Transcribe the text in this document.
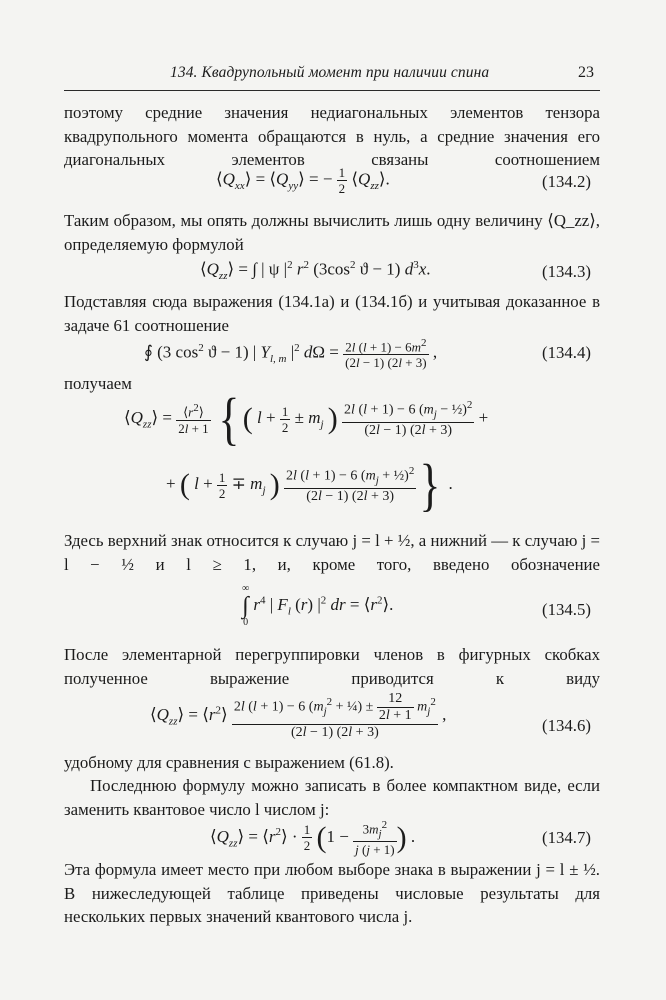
134. Квадрупольный момент при наличии спина	23
поэтому средние значения недиагональных элементов тензора квадрупольного момента обращаются в нуль, а средние значения его диагональных элементов связаны соотношением
$⟨Q_{xx}⟩$ = $⟨Q_{yy}⟩$ = − $\frac{1}{2}$ $⟨Q_{zz}⟩$.	(134.2)
Таким образом, мы опять должны вычислить лишь одну величину ⟨Q_zz⟩, определяемую формулой
$⟨Q_{zz}⟩$ = ∫ | ψ $|^2$ $r^2$ ($3\cos^2$ ϑ − 1) $d^3x$.	(134.3)
Подставляя сюда выражения (134.1а) и (134.1б) и учитывая доказанное в задаче 61 соотношение
∮ (3 $\cos^2 ϑ - 1$) | $Y_{l, m}$ $|^2$ $d\Omega = \frac{2l (l + 1) - 6m^2}{(2l - 1) (2l + 3)}$ ,	(134.4)
получаем
$⟨Q_{zz}⟩ = \frac{⟨r^2⟩}{2l + 1}$ { ( $l + \frac{1}{2} \pm m_j$ ) $\frac{2l (l + 1) - 6 (m_j - \frac{1}{2})^2}{(2l - 1) (2l + 3)}$ +
+ ( $l + \frac{1}{2} \mp m_j$ ) $\frac{2l (l + 1) - 6 (m_j + \frac{1}{2})^2}{(2l - 1) (2l + 3)}$ } .
Здесь верхний знак относится к случаю j = l + ½, а нижний — к случаю j = l − ½ и l ≥ 1, и, кроме того, введено обозначение
∞
∫
0
$r^4$ | $F_l$ (r) $|^2$ dr = $⟨r^2⟩$.	(134.5)
После элементарной перегруппировки членов в фигурных скобках полученное выражение приводится к виду
$⟨Q_{zz}⟩$ = $⟨r^2⟩ \frac{2l (l + 1) - 6 (m_j^2 + \frac{1}{4}) \pm \frac{12}{2l + 1} m_j^2}{(2l - 1) (2l + 3)}$ ,
(134.6)
удобному для сравнения с выражением (61.8).
Последнюю формулу можно записать в более компактном виде, если заменить квантовое число l числом j:
$⟨Q_{zz}⟩$ = $⟨r^2⟩ \cdot \frac{1}{2} (1 - \frac{3m_j^2}{j (j + 1)}$ ) .	(134.7)
Эта формула имеет место при любом выборе знака в выражении j = l ± ½. В нижеследующей таблице приведены числовые результаты для нескольких первых значений квантового числа j.
